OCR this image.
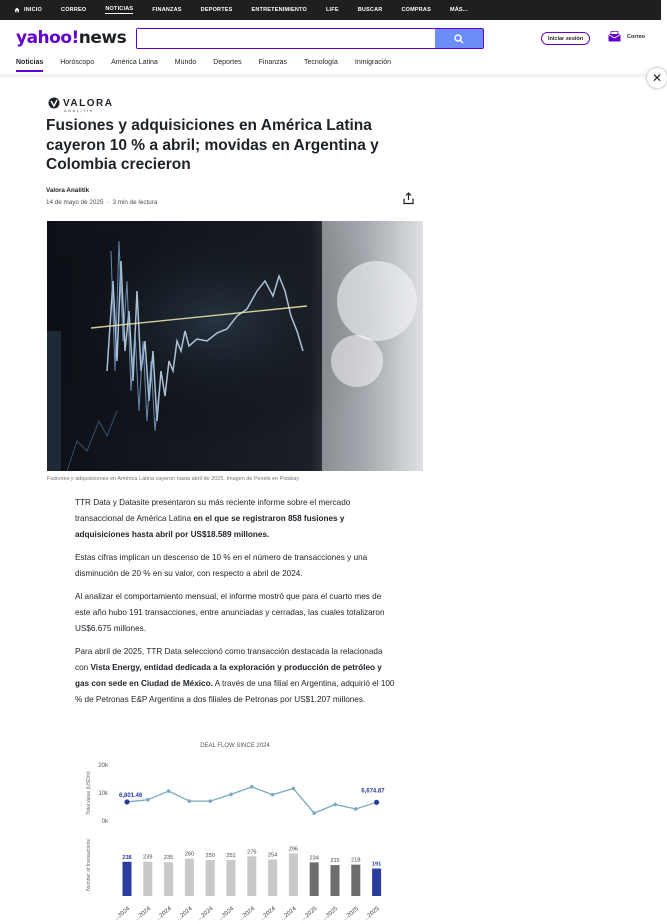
INICIO	CORREO	NOTICIAS	FINANZAS	DEPORTES	ENTRETENIMIENTO	LIFE	BUSCAR	COMPRAS	MÁS...
yahoo!news	Iniciar sesión	Correo
Noticias Horóscopo América Latina Mundo Deportes Finanzas Tecnología Inmigración
✕
VALORA
ANALITIK
Fusiones y adquisiciones en América Latina cayeron 10 % a abril; movidas en Argentina y Colombia crecieron
Valora Analitik
14 de mayo de 2025  ·  3 min de lectura
Fusiones y adquisiciones en América Latina cayeron hasta abril de 2025. Imagen de Pexels en Pixabay

TTR Data y Datasite presentaron su más reciente informe sobre el mercado transaccional de América Latina en el que se registraron 858 fusiones y adquisiciones hasta abril por US$18.589 millones.

Estas cifras implican un descenso de 10 % en el número de transacciones y una disminución de 20 % en su valor, con respecto a abril de 2024.

Al analizar el comportamiento mensual, el informe mostró que para el cuarto mes de este año hubo 191 transacciones, entre anunciadas y cerradas, las cuales totalizaron US$6.675 millones.

Para abril de 2025, TTR Data seleccionó como transacción destacada la relacionada con Vista Energy, entidad dedicada a la exploración y producción de petróleo y gas con sede en Ciudad de México. A través de una filial en Argentina, adquirió el 100 % de Petronas E&P Argentina a dos filiales de Petronas por US$1.207 millones.

DEAL FLOW SINCE 2024
Total value (USDm)
20k
10k
0k
6,801.46
6,674.87
Number of transactions	238
...2024
239
...2024
235
...2024
260
...2024
250
...2024
251
...2024
276
...2024
254
...2024
296
...2024
234
...2025
215
...2025
218
...2025
191
...2025
